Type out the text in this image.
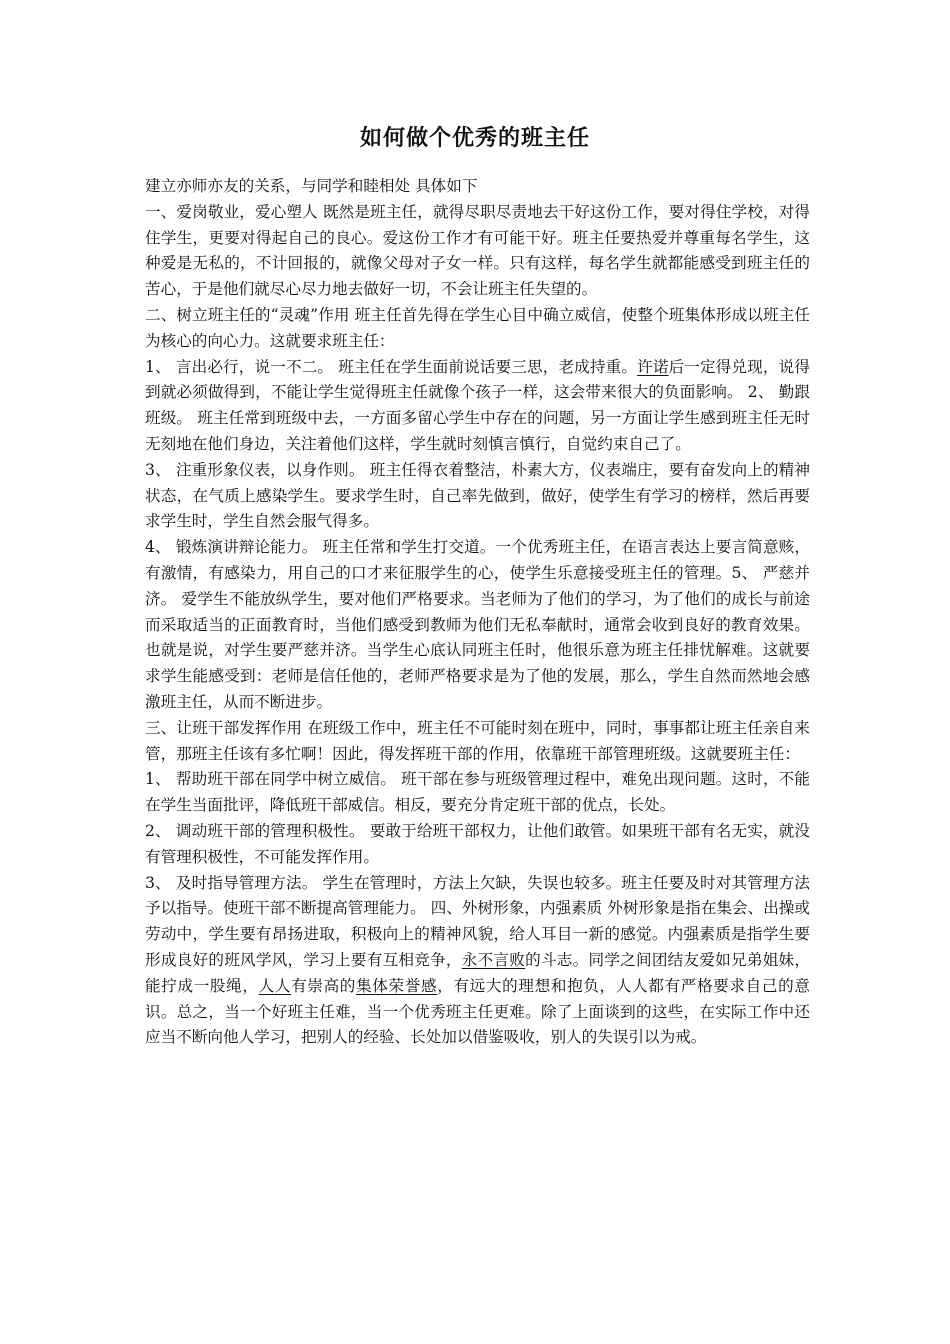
如何做个优秀的班主任

建立亦师亦友的关系，与同学和睦相处 具体如下

一、爱岗敬业，爱心塑人 既然是班主任，就得尽职尽责地去干好这份工作，要对得住学校，对得住学生，更要对得起自己的良心。爱这份工作才有可能干好。班主任要热爱并尊重每名学生，这种爱是无私的，不计回报的，就像父母对子女一样。只有这样，每名学生就都能感受到班主任的苦心，于是他们就尽心尽力地去做好一切，不会让班主任失望的。

二、树立班主任的“灵魂”作用 班主任首先得在学生心目中确立威信，使整个班集体形成以班主任为核心的向心力。这就要求班主任：

1、 言出必行，说一不二。 班主任在学生面前说话要三思，老成持重。许诺后一定得兑现，说得到就必须做得到，不能让学生觉得班主任就像个孩子一样，这会带来很大的负面影响。 2、 勤跟班级。 班主任常到班级中去，一方面多留心学生中存在的问题，另一方面让学生感到班主任无时无刻地在他们身边，关注着他们这样，学生就时刻慎言慎行，自觉约束自己了。

3、 注重形象仪表，以身作则。 班主任得衣着整洁，朴素大方，仪表端庄，要有奋发向上的精神状态，在气质上感染学生。要求学生时，自己率先做到，做好，使学生有学习的榜样，然后再要求学生时，学生自然会服气得多。

4、 锻炼演讲辩论能力。 班主任常和学生打交道。一个优秀班主任，在语言表达上要言简意赅，有激情，有感染力，用自己的口才来征服学生的心，使学生乐意接受班主任的管理。5、 严慈并济。 爱学生不能放纵学生，要对他们严格要求。当老师为了他们的学习，为了他们的成长与前途而采取适当的正面教育时，当他们感受到教师为他们无私奉献时，通常会收到良好的教育效果。也就是说，对学生要严慈并济。当学生心底认同班主任时，他很乐意为班主任排忧解难。这就要求学生能感受到：老师是信任他的，老师严格要求是为了他的发展，那么，学生自然而然地会感激班主任，从而不断进步。

三、让班干部发挥作用 在班级工作中，班主任不可能时刻在班中，同时，事事都让班主任亲自来管，那班主任该有多忙啊！因此，得发挥班干部的作用，依靠班干部管理班级。这就要班主任：

1、 帮助班干部在同学中树立威信。 班干部在参与班级管理过程中，难免出现问题。这时，不能在学生当面批评，降低班干部威信。相反，要充分肯定班干部的优点，长处。

2、 调动班干部的管理积极性。 要敢于给班干部权力，让他们敢管。如果班干部有名无实，就没有管理积极性，不可能发挥作用。

3、 及时指导管理方法。 学生在管理时，方法上欠缺，失误也较多。班主任要及时对其管理方法予以指导。使班干部不断提高管理能力。 四、外树形象，内强素质 外树形象是指在集会、出操或劳动中，学生要有昂扬进取，积极向上的精神风貌，给人耳目一新的感觉。内强素质是指学生要形成良好的班风学风，学习上要有互相竞争，永不言败的斗志。同学之间团结友爱如兄弟姐妹，能拧成一股绳，人人有崇高的集体荣誉感，有远大的理想和抱负，人人都有严格要求自己的意识。总之，当一个好班主任难，当一个优秀班主任更难。除了上面谈到的这些，在实际工作中还应当不断向他人学习，把别人的经验、长处加以借鉴吸收，别人的失误引以为戒。
